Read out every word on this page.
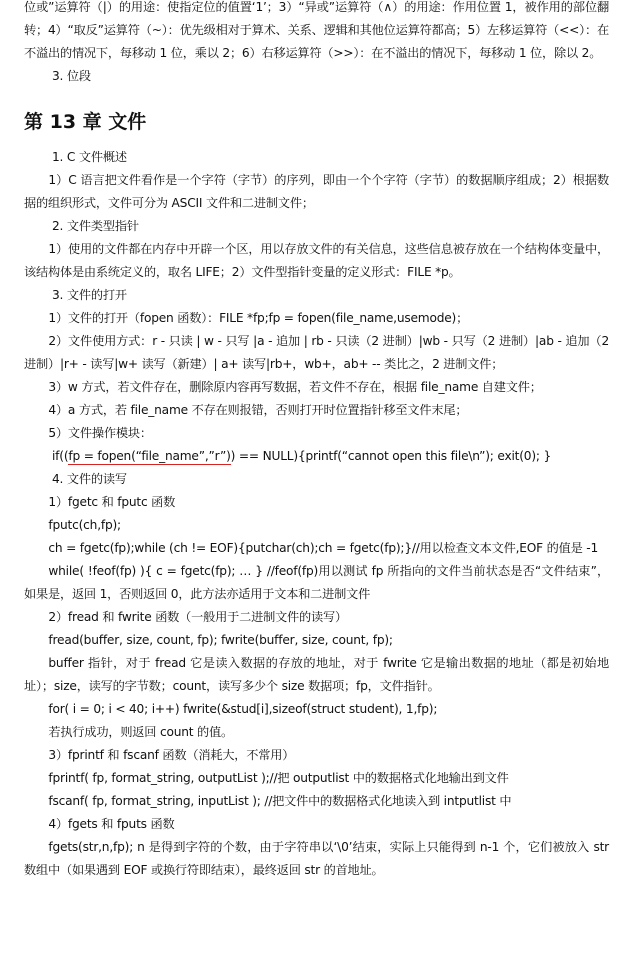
位或”运算符（|）的用途：使指定位的值置‘1’；3）“异或”运算符（∧）的用途：作用位置 1，被作用的部位翻转；4）“取反”运算符（~）：优先级相对于算术、关系、逻辑和其他位运算符都高；5）左移运算符（<<）：在不溢出的情况下，每移动 1 位，乘以 2；6）右移运算符（>>）：在不溢出的情况下，每移动 1 位，除以 2。

3. 位段

第 13 章 文件

1. C 文件概述

1）C 语言把文件看作是一个字符（字节）的序列，即由一个个字符（字节）的数据顺序组成；2）根据数据的组织形式，文件可分为 ASCII 文件和二进制文件；

2. 文件类型指针

1）使用的文件都在内存中开辟一个区，用以存放文件的有关信息，这些信息被存放在一个结构体变量中，该结构体是由系统定义的，取名 LIFE；2）文件型指针变量的定义形式：FILE *p。

3. 文件的打开

1）文件的打开（fopen 函数）：FILE *fp;fp = fopen(file_name,usemode)；

2）文件使用方式：r - 只读 | w - 只写 |a - 追加 | rb - 只读（2 进制）|wb - 只写（2 进制）|ab - 追加（2 进制）|r+ - 读写|w+ 读写（新建）| a+ 读写|rb+，wb+，ab+ -- 类比之，2 进制文件；

3）w 方式，若文件存在，删除原内容再写数据，若文件不存在，根据 file_name 自建文件；

4）a 方式，若 file_name 不存在则报错，否则打开时位置指针移至文件末尾；

5）文件操作模块：

if((fp = fopen(“file_name”,”r”)) == NULL){printf(“cannot open this file\n”); exit(0); }

4. 文件的读写

1）fgetc 和 fputc 函数

fputc(ch,fp);

ch = fgetc(fp);while (ch != EOF){putchar(ch);ch = fgetc(fp);}//用以检查文本文件,EOF 的值是 -1

while( !feof(fp) ){ c = fgetc(fp); … } //feof(fp)用以测试 fp 所指向的文件当前状态是否“文件结束”，如果是，返回 1，否则返回 0，此方法亦适用于文本和二进制文件

2）fread 和 fwrite 函数（一般用于二进制文件的读写）

fread(buffer, size, count, fp); fwrite(buffer, size, count, fp);

buffer 指针，对于 fread 它是读入数据的存放的地址，对于 fwrite 它是输出数据的地址（都是初始地址）；size，读写的字节数；count，读写多少个 size 数据项；fp，文件指针。

for( i = 0; i < 40; i++) fwrite(&stud[i],sizeof(struct student), 1,fp);

若执行成功，则返回 count 的值。

3）fprintf 和 fscanf 函数（消耗大，不常用）

fprintf( fp, format_string, outputList );//把 outputlist 中的数据格式化地输出到文件

fscanf( fp, format_string, inputList ); //把文件中的数据格式化地读入到 intputlist 中

4）fgets 和 fputs 函数

fgets(str,n,fp); n 是得到字符的个数，由于字符串以‘\0’结束，实际上只能得到 n-1 个，它们被放入 str 数组中（如果遇到 EOF 或换行符即结束），最终返回 str 的首地址。
